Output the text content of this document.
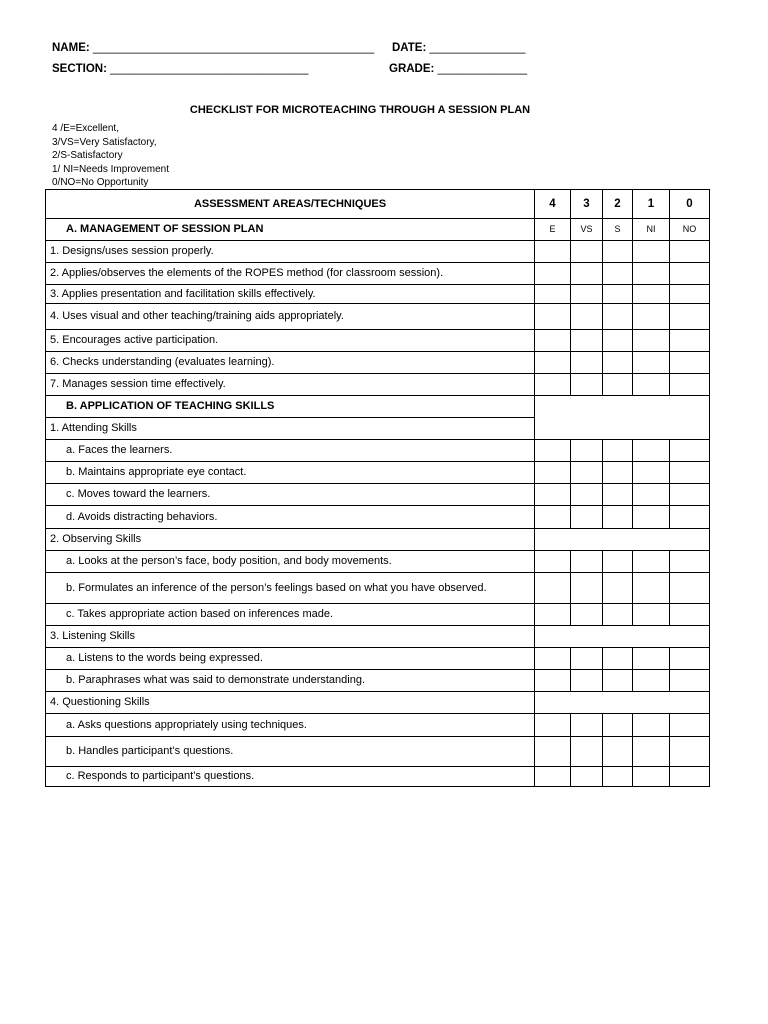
NAME: ____________________________________________ DATE: _______________
SECTION: _______________________________	GRADE: ______________
CHECKLIST FOR MICROTEACHING THROUGH A SESSION PLAN
4 /E=Excellent,
3/VS=Very Satisfactory,
2/S-Satisfactory
1/ NI=Needs Improvement
0/NO=No Opportunity
ASSESSMENT AREAS/TECHNIQUES	4	3	2	1	0
A. MANAGEMENT OF SESSION PLAN	E	VS	S	NI	NO
1. Designs/uses session properly.					
2. Applies/observes the elements of the ROPES method (for classroom session).					
3. Applies presentation and facilitation skills effectively.					
4. Uses visual and other teaching/training aids appropriately.					
5. Encourages active participation.					
6. Checks understanding (evaluates learning).					
7. Manages session time effectively.					
B. APPLICATION OF TEACHING SKILLS					
1. Attending Skills					
a. Faces the learners.					
b. Maintains appropriate eye contact.					
c. Moves toward the learners.					
d. Avoids distracting behaviors.					
2. Observing Skills					
a. Looks at the person’s face, body position, and body movements.					
b. Formulates an inference of the person’s feelings based on what you have observed.					
c. Takes appropriate action based on inferences made.					
3. Listening Skills					
a. Listens to the words being expressed.					
b. Paraphrases what was said to demonstrate understanding.					
4. Questioning Skills					
a. Asks questions appropriately using techniques.					
b. Handles participant’s questions.					
c. Responds to participant’s questions.					
